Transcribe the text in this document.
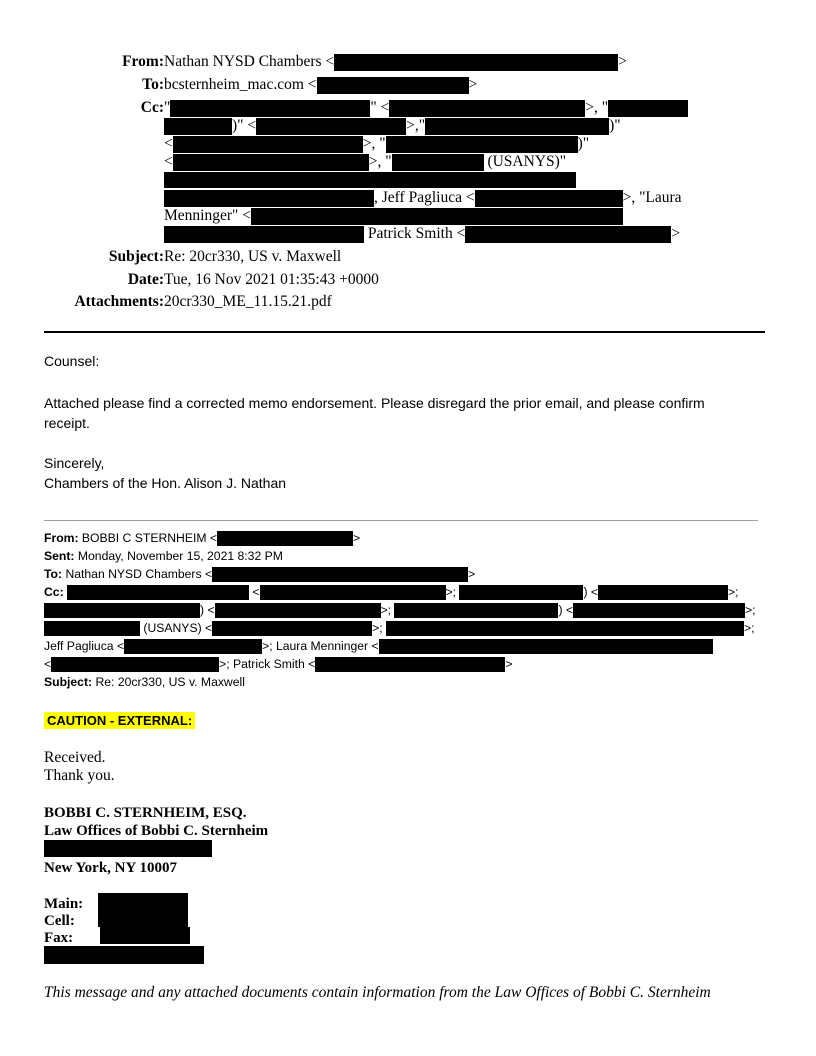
From: Nathan NYSD Chambers <	>
To: bcsternheim_mac.com <	>
Cc: "	" <	>, "
)" <	>,"	)"
<	>, "	)"
<	>, "	(USANYS)"
, Jeff Pagliuca <	>, "Laura
Menninger" <
Patrick Smith <	>
Subject: Re: 20cr330, US v. Maxwell
Date: Tue, 16 Nov 2021 01:35:43 +0000
Attachments: 20cr330_ME_11.15.21.pdf
Counsel:
Attached please find a corrected memo endorsement. Please disregard the prior email, and please confirm
receipt.
Sincerely,
Chambers of the Hon. Alison J. Nathan
From: BOBBI C STERNHEIM <	>
Sent: Monday, November 15, 2021 8:32 PM
To: Nathan NYSD Chambers <	>
Cc:	<	>;	) <	>;
) <	>;	) <	>;
(USANYS) <	>;	>;
Jeff Pagliuca <	>; Laura Menninger <
<	>; Patrick Smith <	>
Subject: Re: 20cr330, US v. Maxwell
CAUTION - EXTERNAL:
Received.
Thank you.
BOBBI C. STERNHEIM, ESQ.
Law Offices of Bobbi C. Sternheim
New York, NY 10007
Main:
Cell:
Fax:
This message and any attached documents contain information from the Law Offices of Bobbi C. Sternheim
